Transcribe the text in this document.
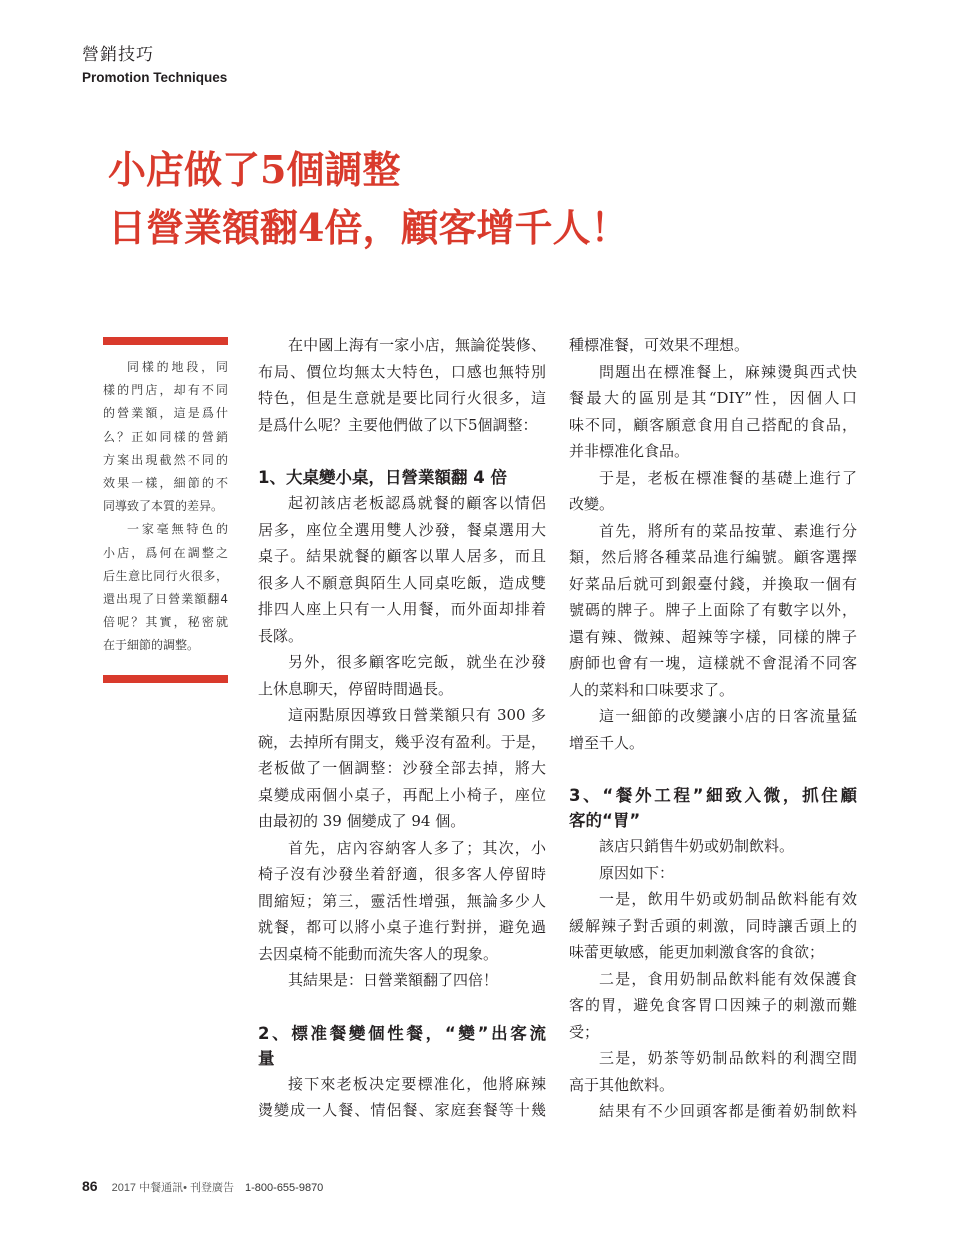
營銷技巧
Promotion Techniques
小店做了5個調整
日營業額翻4倍，顧客增千人！
同樣的地段，同
樣的門店，却有不同
的營業額，這是爲什
么？正如同樣的營銷
方案出現截然不同的
效果一樣，細節的不
同導致了本質的差异。
一家毫無特色的
小店，爲何在調整之
后生意比同行火很多，
還出現了日營業額翻4
倍呢？其實，秘密就
在于細節的調整。
在中國上海有一家小店，無論從裝修、
布局、價位均無太大特色，口感也無特別
特色，但是生意就是要比同行火很多，這
是爲什么呢？主要他們做了以下5個調整：
1、大桌變小桌，日營業額翻 4 倍
起初該店老板認爲就餐的顧客以情侶
居多，座位全選用雙人沙發，餐桌選用大
桌子。結果就餐的顧客以單人居多，而且
很多人不願意與陌生人同桌吃飯，造成雙
排四人座上只有一人用餐，而外面却排着
長隊。
另外，很多顧客吃完飯，就坐在沙發
上休息聊天，停留時間過長。
這兩點原因導致日營業額只有 300 多
碗，去掉所有開支，幾乎沒有盈利。于是，
老板做了一個調整：沙發全部去掉，將大
桌變成兩個小桌子，再配上小椅子，座位
由最初的 39 個變成了 94 個。
首先，店內容納客人多了；其次，小
椅子沒有沙發坐着舒適，很多客人停留時
間縮短；第三，靈活性增强，無論多少人
就餐，都可以將小桌子進行對拼，避免過
去因桌椅不能動而流失客人的現象。
其結果是：日營業額翻了四倍！
2、標准餐變個性餐，“變”出客流
量
接下來老板决定要標准化，他將麻辣
燙變成一人餐、情侶餐、家庭套餐等十幾
種標准餐，可效果不理想。
問題出在標准餐上，麻辣燙與西式快
餐最大的區別是其“DIY”性，因個人口
味不同，顧客願意食用自己搭配的食品，
并非標准化食品。
于是，老板在標准餐的基礎上進行了
改變。
首先，將所有的菜品按葷、素進行分
類，然后將各種菜品進行編號。顧客選擇
好菜品后就可到銀臺付錢，并換取一個有
號碼的牌子。牌子上面除了有數字以外，
還有辣、微辣、超辣等字樣，同樣的牌子
廚師也會有一塊，這樣就不會混淆不同客
人的菜料和口味要求了。
這一細節的改變讓小店的日客流量猛
增至千人。
3、“餐外工程”細致入微，抓住顧
客的“胃”
該店只銷售牛奶或奶制飲料。
原因如下：
一是，飲用牛奶或奶制品飲料能有效
緩解辣子對舌頭的刺激，同時讓舌頭上的
味蕾更敏感，能更加刺激食客的食欲；
二是，食用奶制品飲料能有效保護食
客的胃，避免食客胃口因辣子的刺激而難
受；
三是，奶茶等奶制品飲料的利潤空間
高于其他飲料。
結果有不少回頭客都是衝着奶制飲料
86 2017 中餐通訊• 刊登廣告 1-800-655-9870
